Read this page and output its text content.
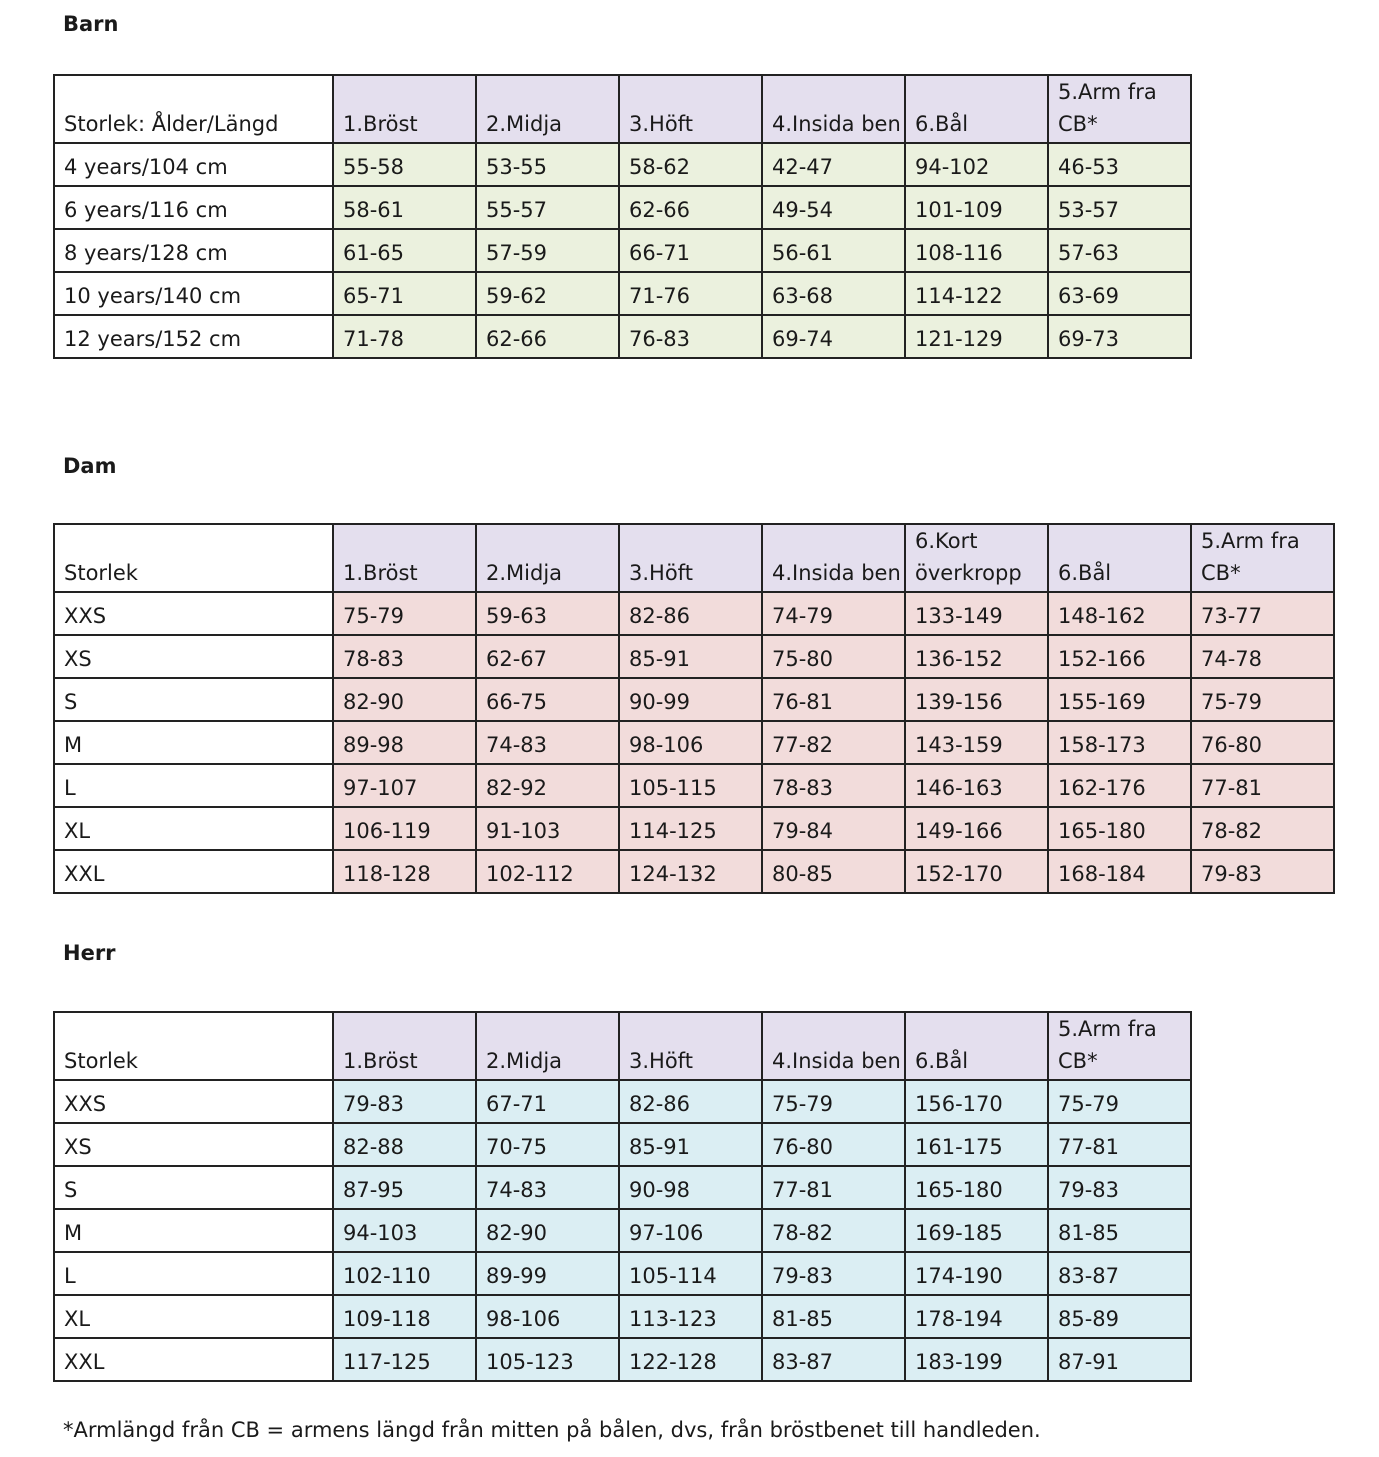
Barn
Storlek: Ålder/Längd	1.Bröst	2.Midja	3.Höft	4.Insida ben	6.Bål	5.Arm fra CB*
4 years/104 cm	55-58	53-55	58-62	42-47	94-102	46-53
6 years/116 cm	58-61	55-57	62-66	49-54	101-109	53-57
8 years/128 cm	61-65	57-59	66-71	56-61	108-116	57-63
10 years/140 cm	65-71	59-62	71-76	63-68	114-122	63-69
12 years/152 cm	71-78	62-66	76-83	69-74	121-129	69-73
Dam
Storlek	1.Bröst	2.Midja	3.Höft	4.Insida ben	6.Kort överkropp	6.Bål	5.Arm fra CB*
XXS	75-79	59-63	82-86	74-79	133-149	148-162	73-77
XS	78-83	62-67	85-91	75-80	136-152	152-166	74-78
S	82-90	66-75	90-99	76-81	139-156	155-169	75-79
M	89-98	74-83	98-106	77-82	143-159	158-173	76-80
L	97-107	82-92	105-115	78-83	146-163	162-176	77-81
XL	106-119	91-103	114-125	79-84	149-166	165-180	78-82
XXL	118-128	102-112	124-132	80-85	152-170	168-184	79-83
Herr
Storlek	1.Bröst	2.Midja	3.Höft	4.Insida ben	6.Bål	5.Arm fra CB*
XXS	79-83	67-71	82-86	75-79	156-170	75-79
XS	82-88	70-75	85-91	76-80	161-175	77-81
S	87-95	74-83	90-98	77-81	165-180	79-83
M	94-103	82-90	97-106	78-82	169-185	81-85
L	102-110	89-99	105-114	79-83	174-190	83-87
XL	109-118	98-106	113-123	81-85	178-194	85-89
XXL	117-125	105-123	122-128	83-87	183-199	87-91
*Armlängd från CB = armens längd från mitten på bålen, dvs, från bröstbenet till handleden.
